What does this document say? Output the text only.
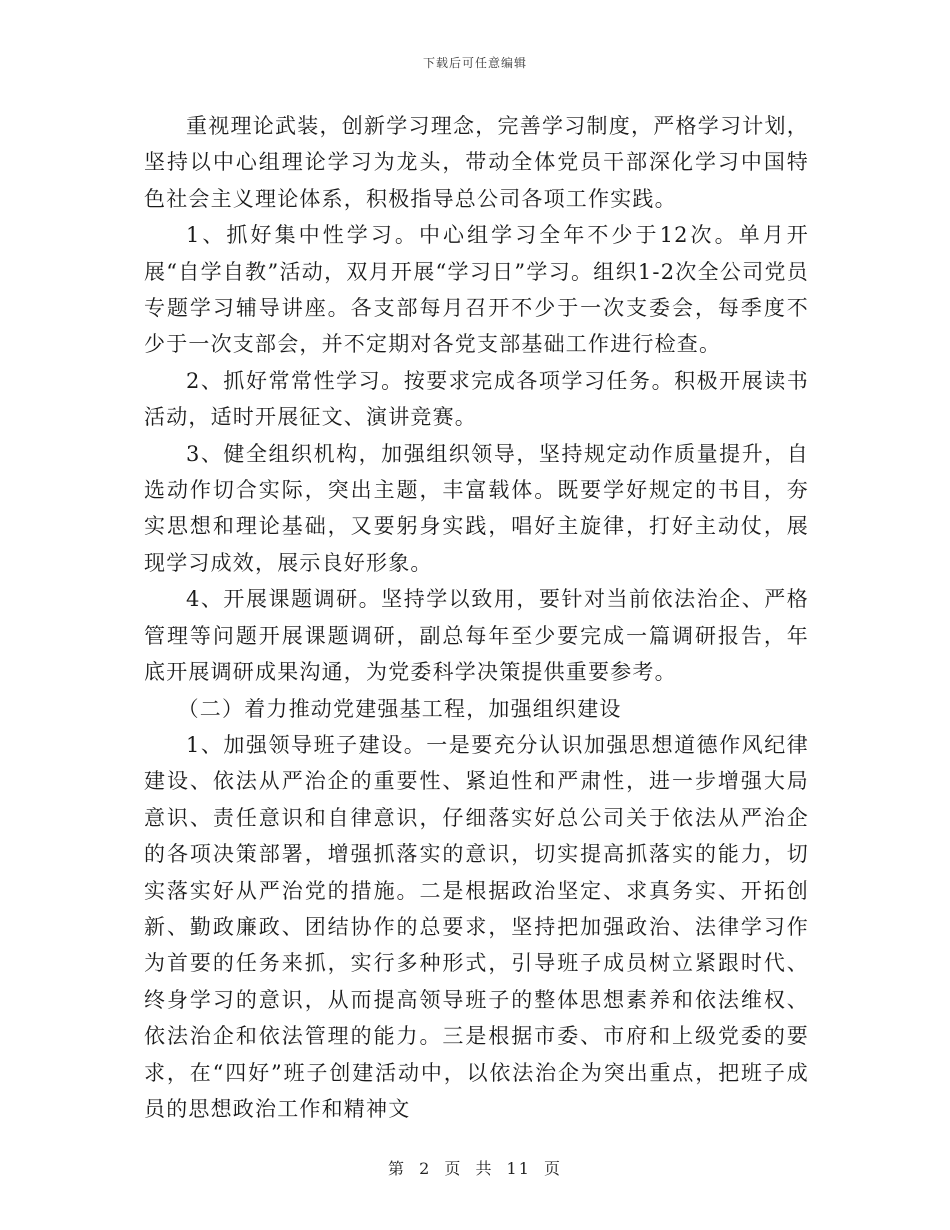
下载后可任意编辑

重视理论武装，创新学习理念，完善学习制度，严格学习计划，坚持以中心组理论学习为龙头，带动全体党员干部深化学习中国特色社会主义理论体系，积极指导总公司各项工作实践。

1、抓好集中性学习。中心组学习全年不少于12次。单月开展“自学自教”活动，双月开展“学习日”学习。组织1-2次全公司党员专题学习辅导讲座。各支部每月召开不少于一次支委会，每季度不少于一次支部会，并不定期对各党支部基础工作进行检查。

2、抓好常常性学习。按要求完成各项学习任务。积极开展读书活动，适时开展征文、演讲竞赛。

3、健全组织机构，加强组织领导，坚持规定动作质量提升，自选动作切合实际，突出主题，丰富载体。既要学好规定的书目，夯实思想和理论基础，又要躬身实践，唱好主旋律，打好主动仗，展现学习成效，展示良好形象。

4、开展课题调研。坚持学以致用，要针对当前依法治企、严格管理等问题开展课题调研，副总每年至少要完成一篇调研报告，年底开展调研成果沟通，为党委科学决策提供重要参考。

（二）着力推动党建强基工程，加强组织建设

1、加强领导班子建设。一是要充分认识加强思想道德作风纪律建设、依法从严治企的重要性、紧迫性和严肃性，进一步增强大局意识、责任意识和自律意识，仔细落实好总公司关于依法从严治企的各项决策部署，增强抓落实的意识，切实提高抓落实的能力，切实落实好从严治党的措施。二是根据政治坚定、求真务实、开拓创新、勤政廉政、团结协作的总要求，坚持把加强政治、法律学习作为首要的任务来抓，实行多种形式，引导班子成员树立紧跟时代、终身学习的意识，从而提高领导班子的整体思想素养和依法维权、依法治企和依法管理的能力。三是根据市委、市府和上级党委的要求，在“四好”班子创建活动中，以依法治企为突出重点，把班子成员的思想政治工作和精神文

第 2 页 共 11 页
